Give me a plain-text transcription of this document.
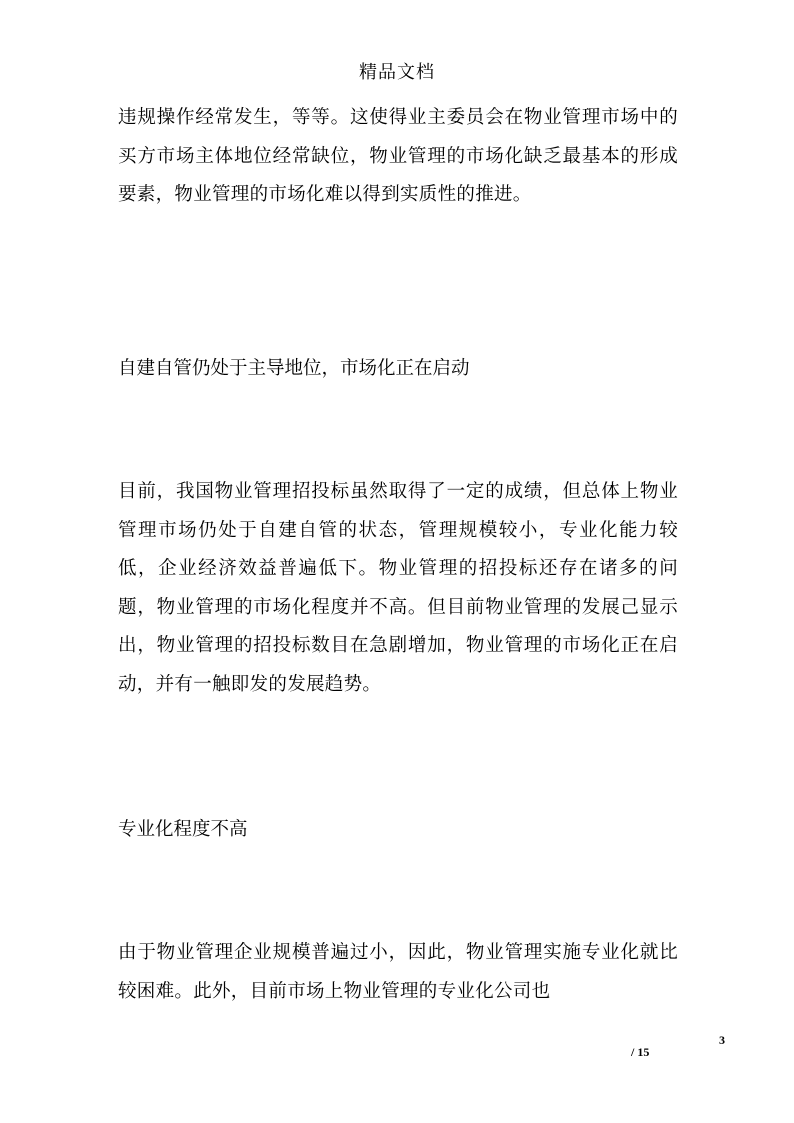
精品文档

违规操作经常发生，等等。这使得业主委员会在物业管理市场中的买方市场主体地位经常缺位，物业管理的市场化缺乏最基本的形成要素，物业管理的市场化难以得到实质性的推进。

自建自管仍处于主导地位，市场化正在启动

目前，我国物业管理招投标虽然取得了一定的成绩，但总体上物业管理市场仍处于自建自管的状态，管理规模较小，专业化能力较低，企业经济效益普遍低下。物业管理的招投标还存在诸多的问题，物业管理的市场化程度并不高。但目前物业管理的发展己显示出，物业管理的招投标数目在急剧增加，物业管理的市场化正在启动，并有一触即发的发展趋势。

专业化程度不高

由于物业管理企业规模普遍过小，因此，物业管理实施专业化就比较困难。此外，目前市场上物业管理的专业化公司也

3
/ 15
